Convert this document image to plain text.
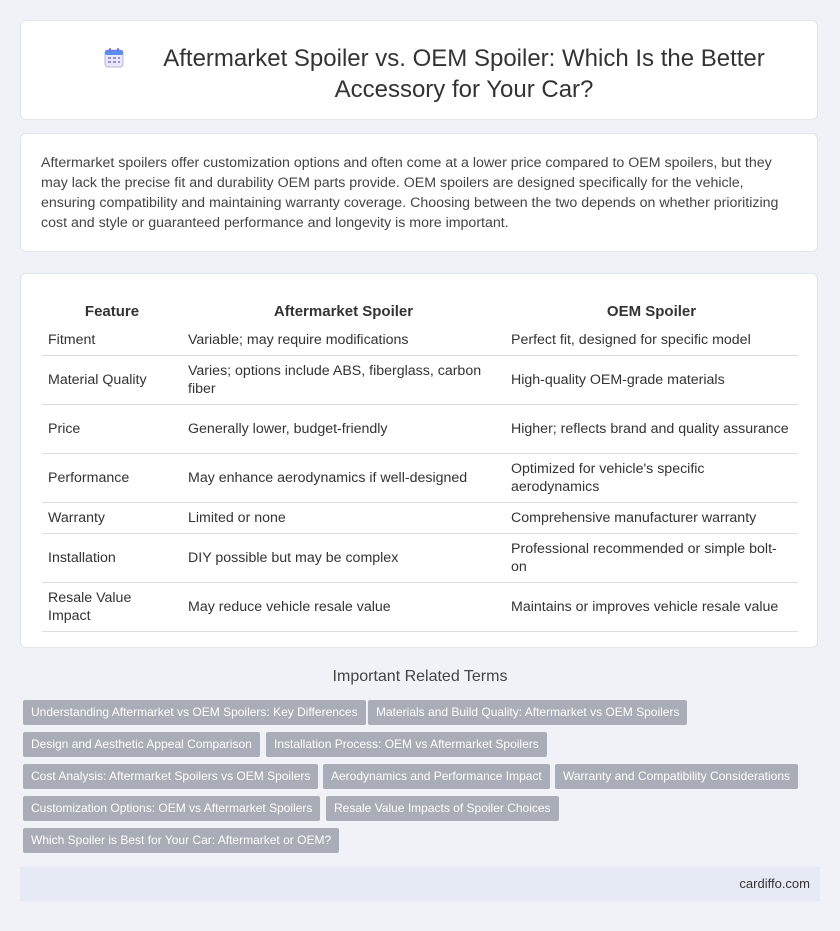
Aftermarket Spoiler vs. OEM Spoiler: Which Is the Better Accessory for Your Car?

Aftermarket spoilers offer customization options and often come at a lower price compared to OEM spoilers, but they may lack the precise fit and durability OEM parts provide. OEM spoilers are designed specifically for the vehicle, ensuring compatibility and maintaining warranty coverage. Choosing between the two depends on whether prioritizing cost and style or guaranteed performance and longevity is more important.

Feature	Aftermarket Spoiler	OEM Spoiler
Fitment	Variable; may require modifications	Perfect fit, designed for specific model
Material Quality	Varies; options include ABS, fiberglass, carbon fiber	High-quality OEM-grade materials
Price	Generally lower, budget-friendly	Higher; reflects brand and quality assurance
Performance	May enhance aerodynamics if well-designed	Optimized for vehicle's specific aerodynamics
Warranty	Limited or none	Comprehensive manufacturer warranty
Installation	DIY possible but may be complex	Professional recommended or simple bolt-on
Resale Value Impact	May reduce vehicle resale value	Maintains or improves vehicle resale value
Important Related Terms
Understanding Aftermarket vs OEM Spoilers: Key Differences	Materials and Build Quality: Aftermarket vs OEM Spoilers
Design and Aesthetic Appeal Comparison	Installation Process: OEM vs Aftermarket Spoilers
Cost Analysis: Aftermarket Spoilers vs OEM Spoilers	Aerodynamics and Performance Impact	Warranty and Compatibility Considerations
Customization Options: OEM vs Aftermarket Spoilers	Resale Value Impacts of Spoiler Choices
Which Spoiler is Best for Your Car: Aftermarket or OEM?
cardiffo.com
